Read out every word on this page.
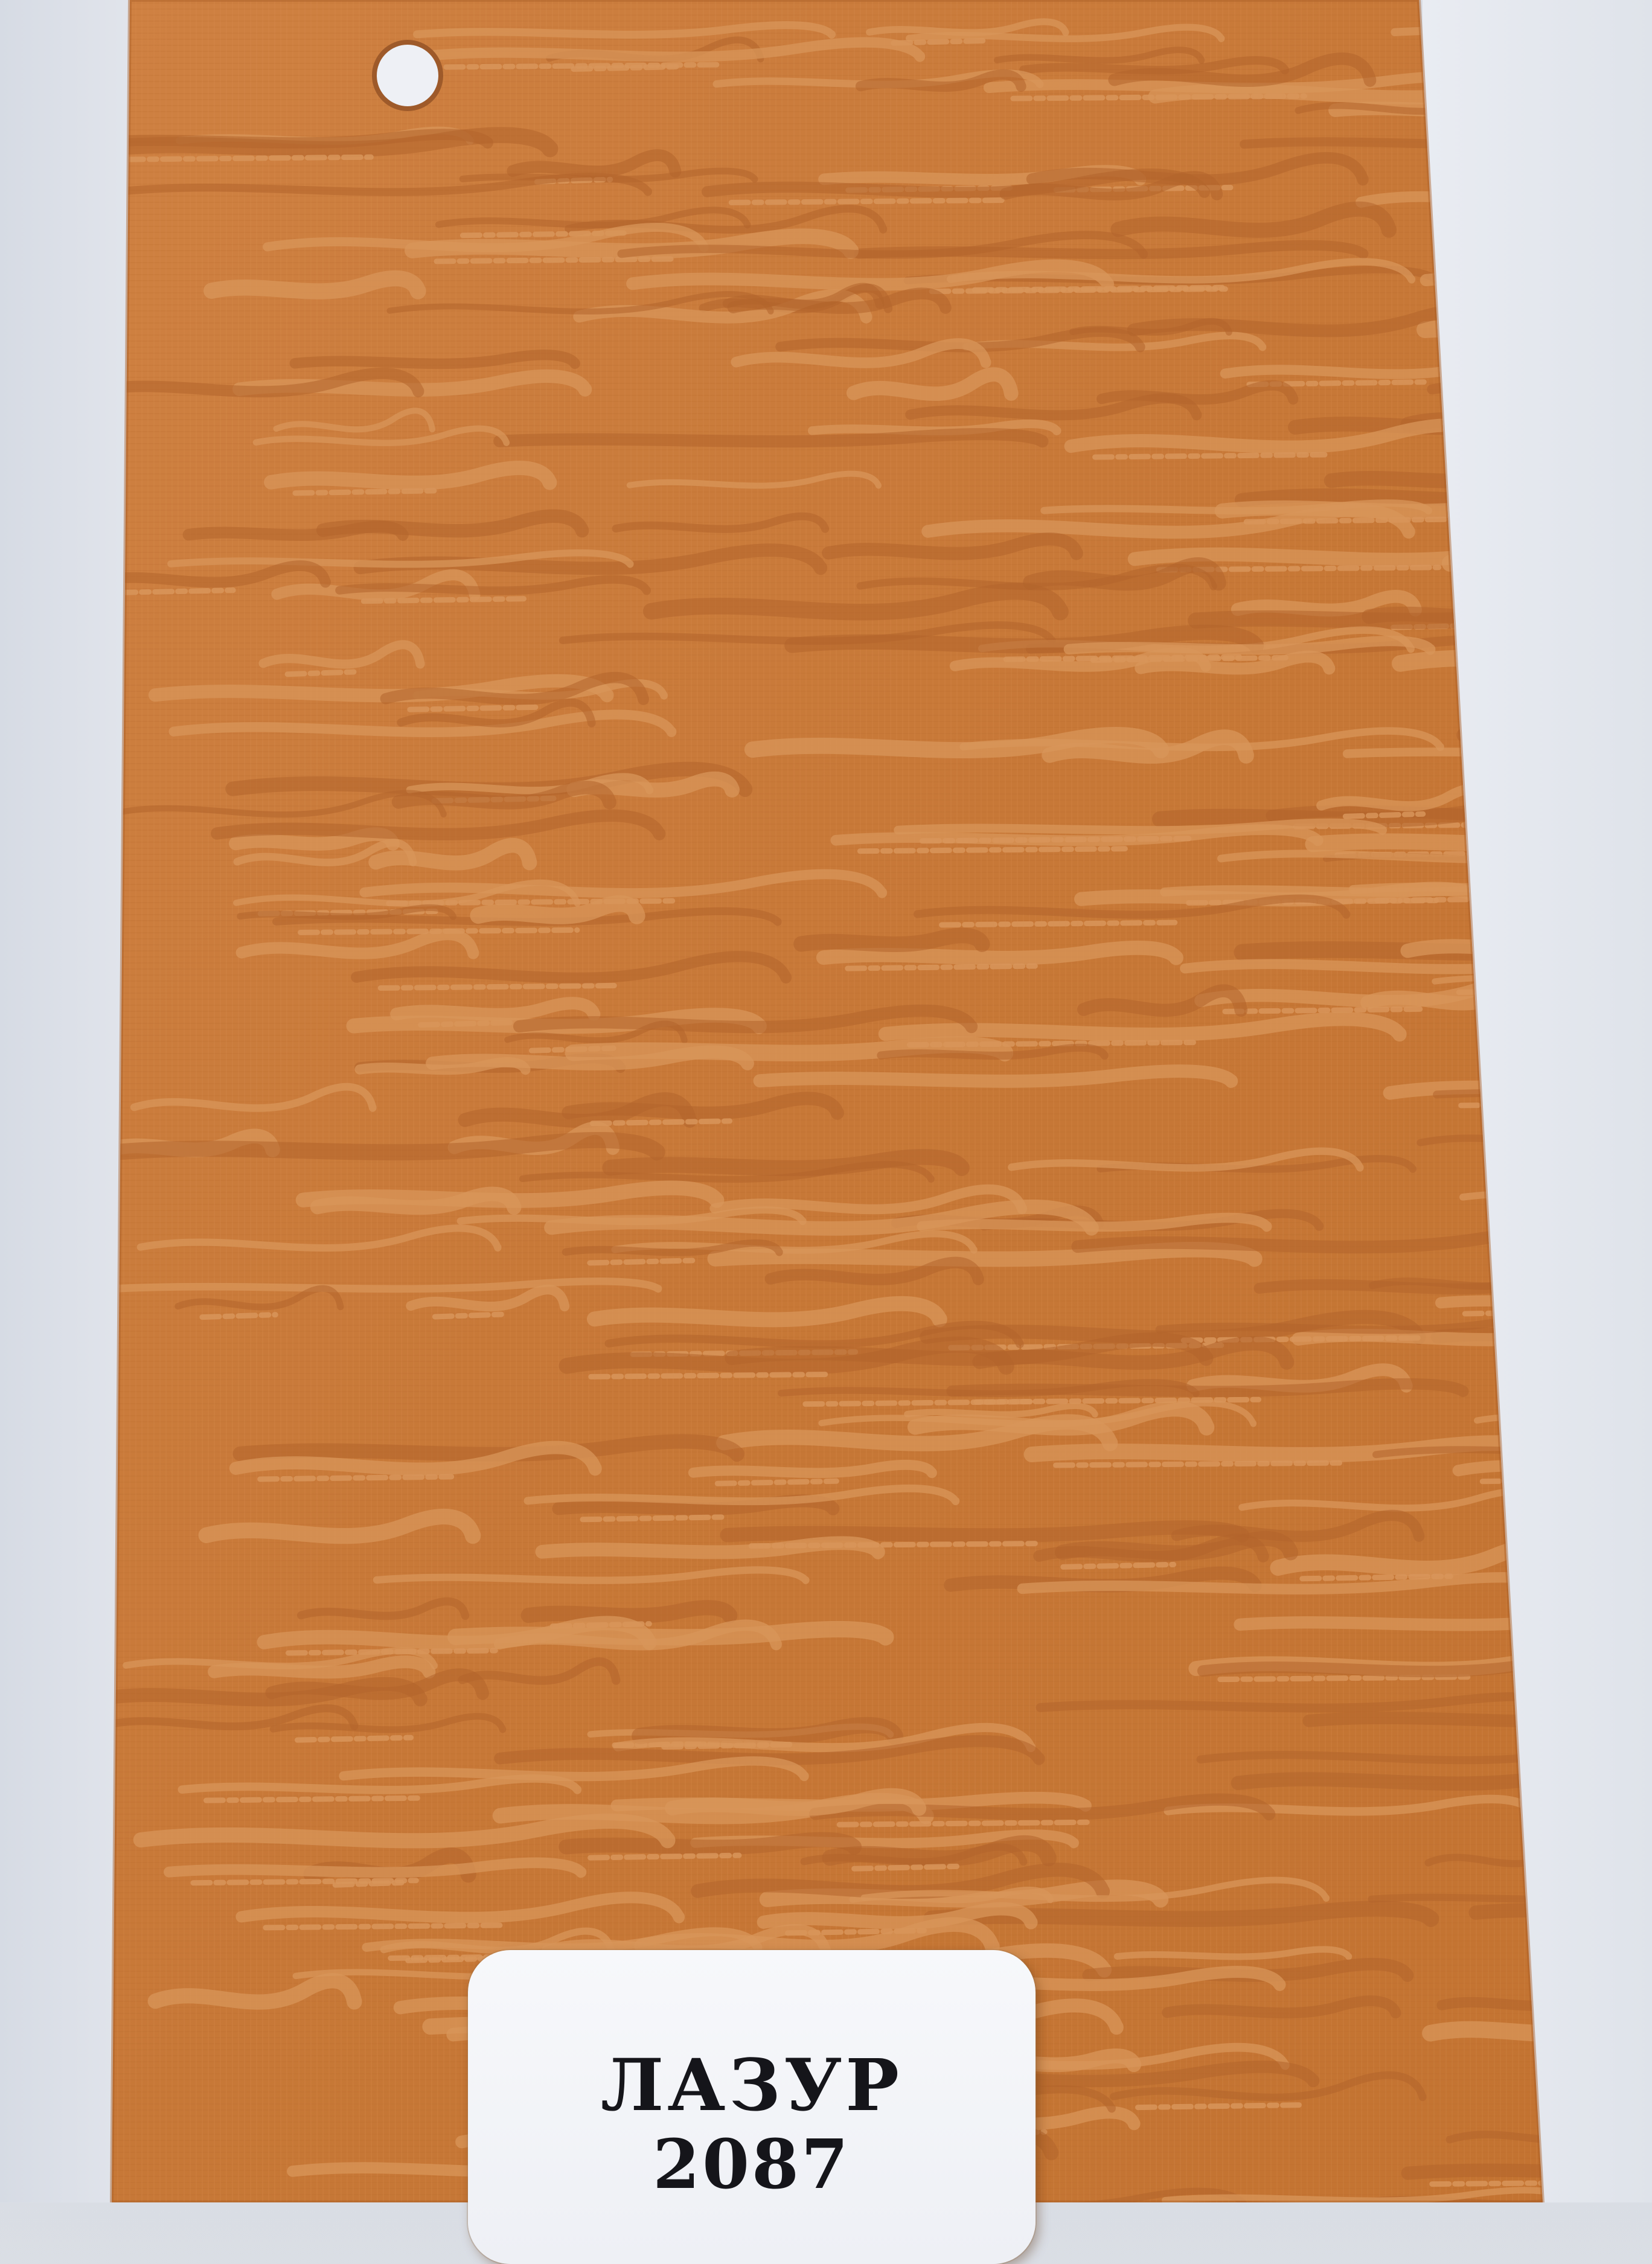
ЛАЗУР
2087
